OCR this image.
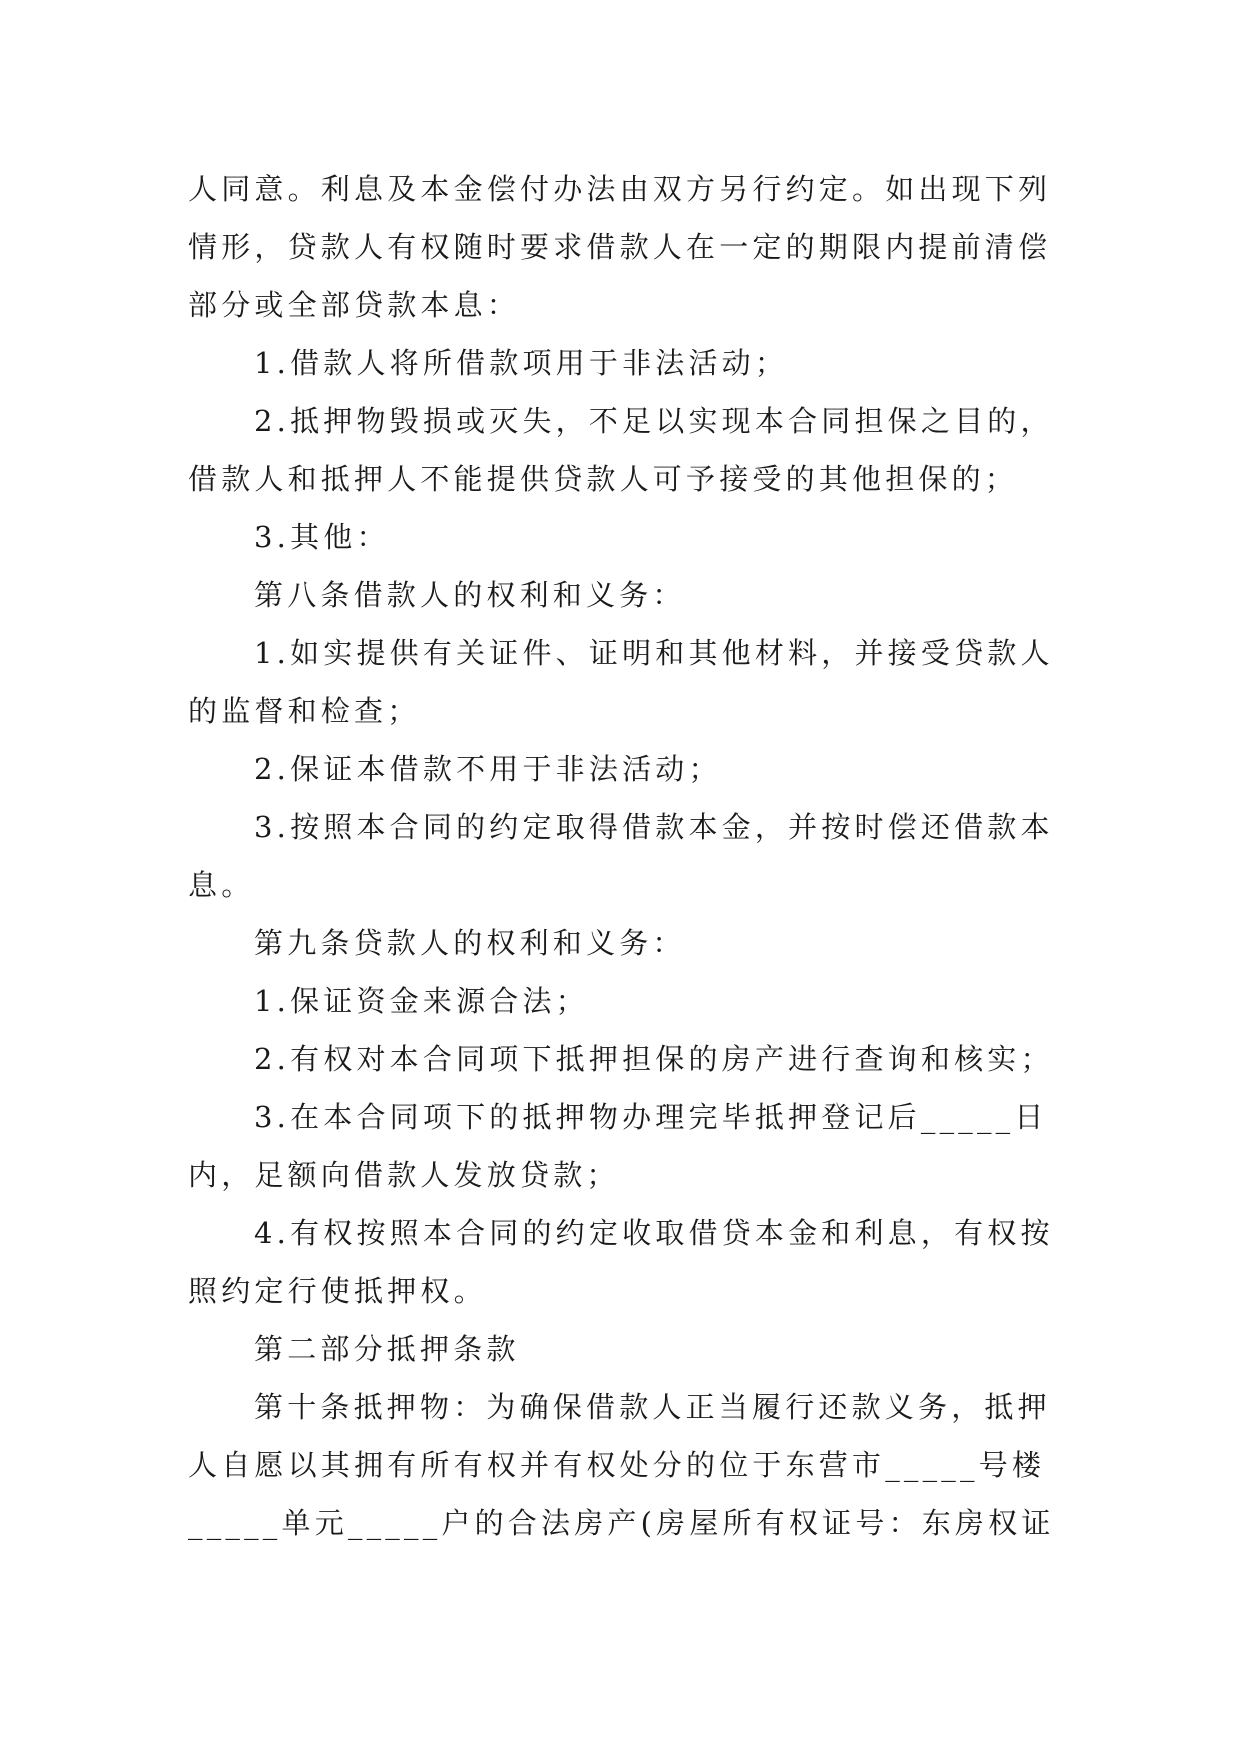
人同意。利息及本金偿付办法由双方另行约定。如出现下列
情形，贷款人有权随时要求借款人在一定的期限内提前清偿
部分或全部贷款本息：
1.借款人将所借款项用于非法活动；
2.抵押物毁损或灭失，不足以实现本合同担保之目的，
借款人和抵押人不能提供贷款人可予接受的其他担保的；
3.其他：
第八条借款人的权利和义务：
1.如实提供有关证件、证明和其他材料，并接受贷款人
的监督和检查；
2.保证本借款不用于非法活动；
3.按照本合同的约定取得借款本金，并按时偿还借款本
息。
第九条贷款人的权利和义务：
1.保证资金来源合法；
2.有权对本合同项下抵押担保的房产进行查询和核实；
3.在本合同项下的抵押物办理完毕抵押登记后_____日
内，足额向借款人发放贷款；
4.有权按照本合同的约定收取借贷本金和利息，有权按
照约定行使抵押权。
第二部分抵押条款
第十条抵押物：为确保借款人正当履行还款义务，抵押
人自愿以其拥有所有权并有权处分的位于东营市_____号楼
_____单元_____户的合法房产(房屋所有权证号：东房权证
